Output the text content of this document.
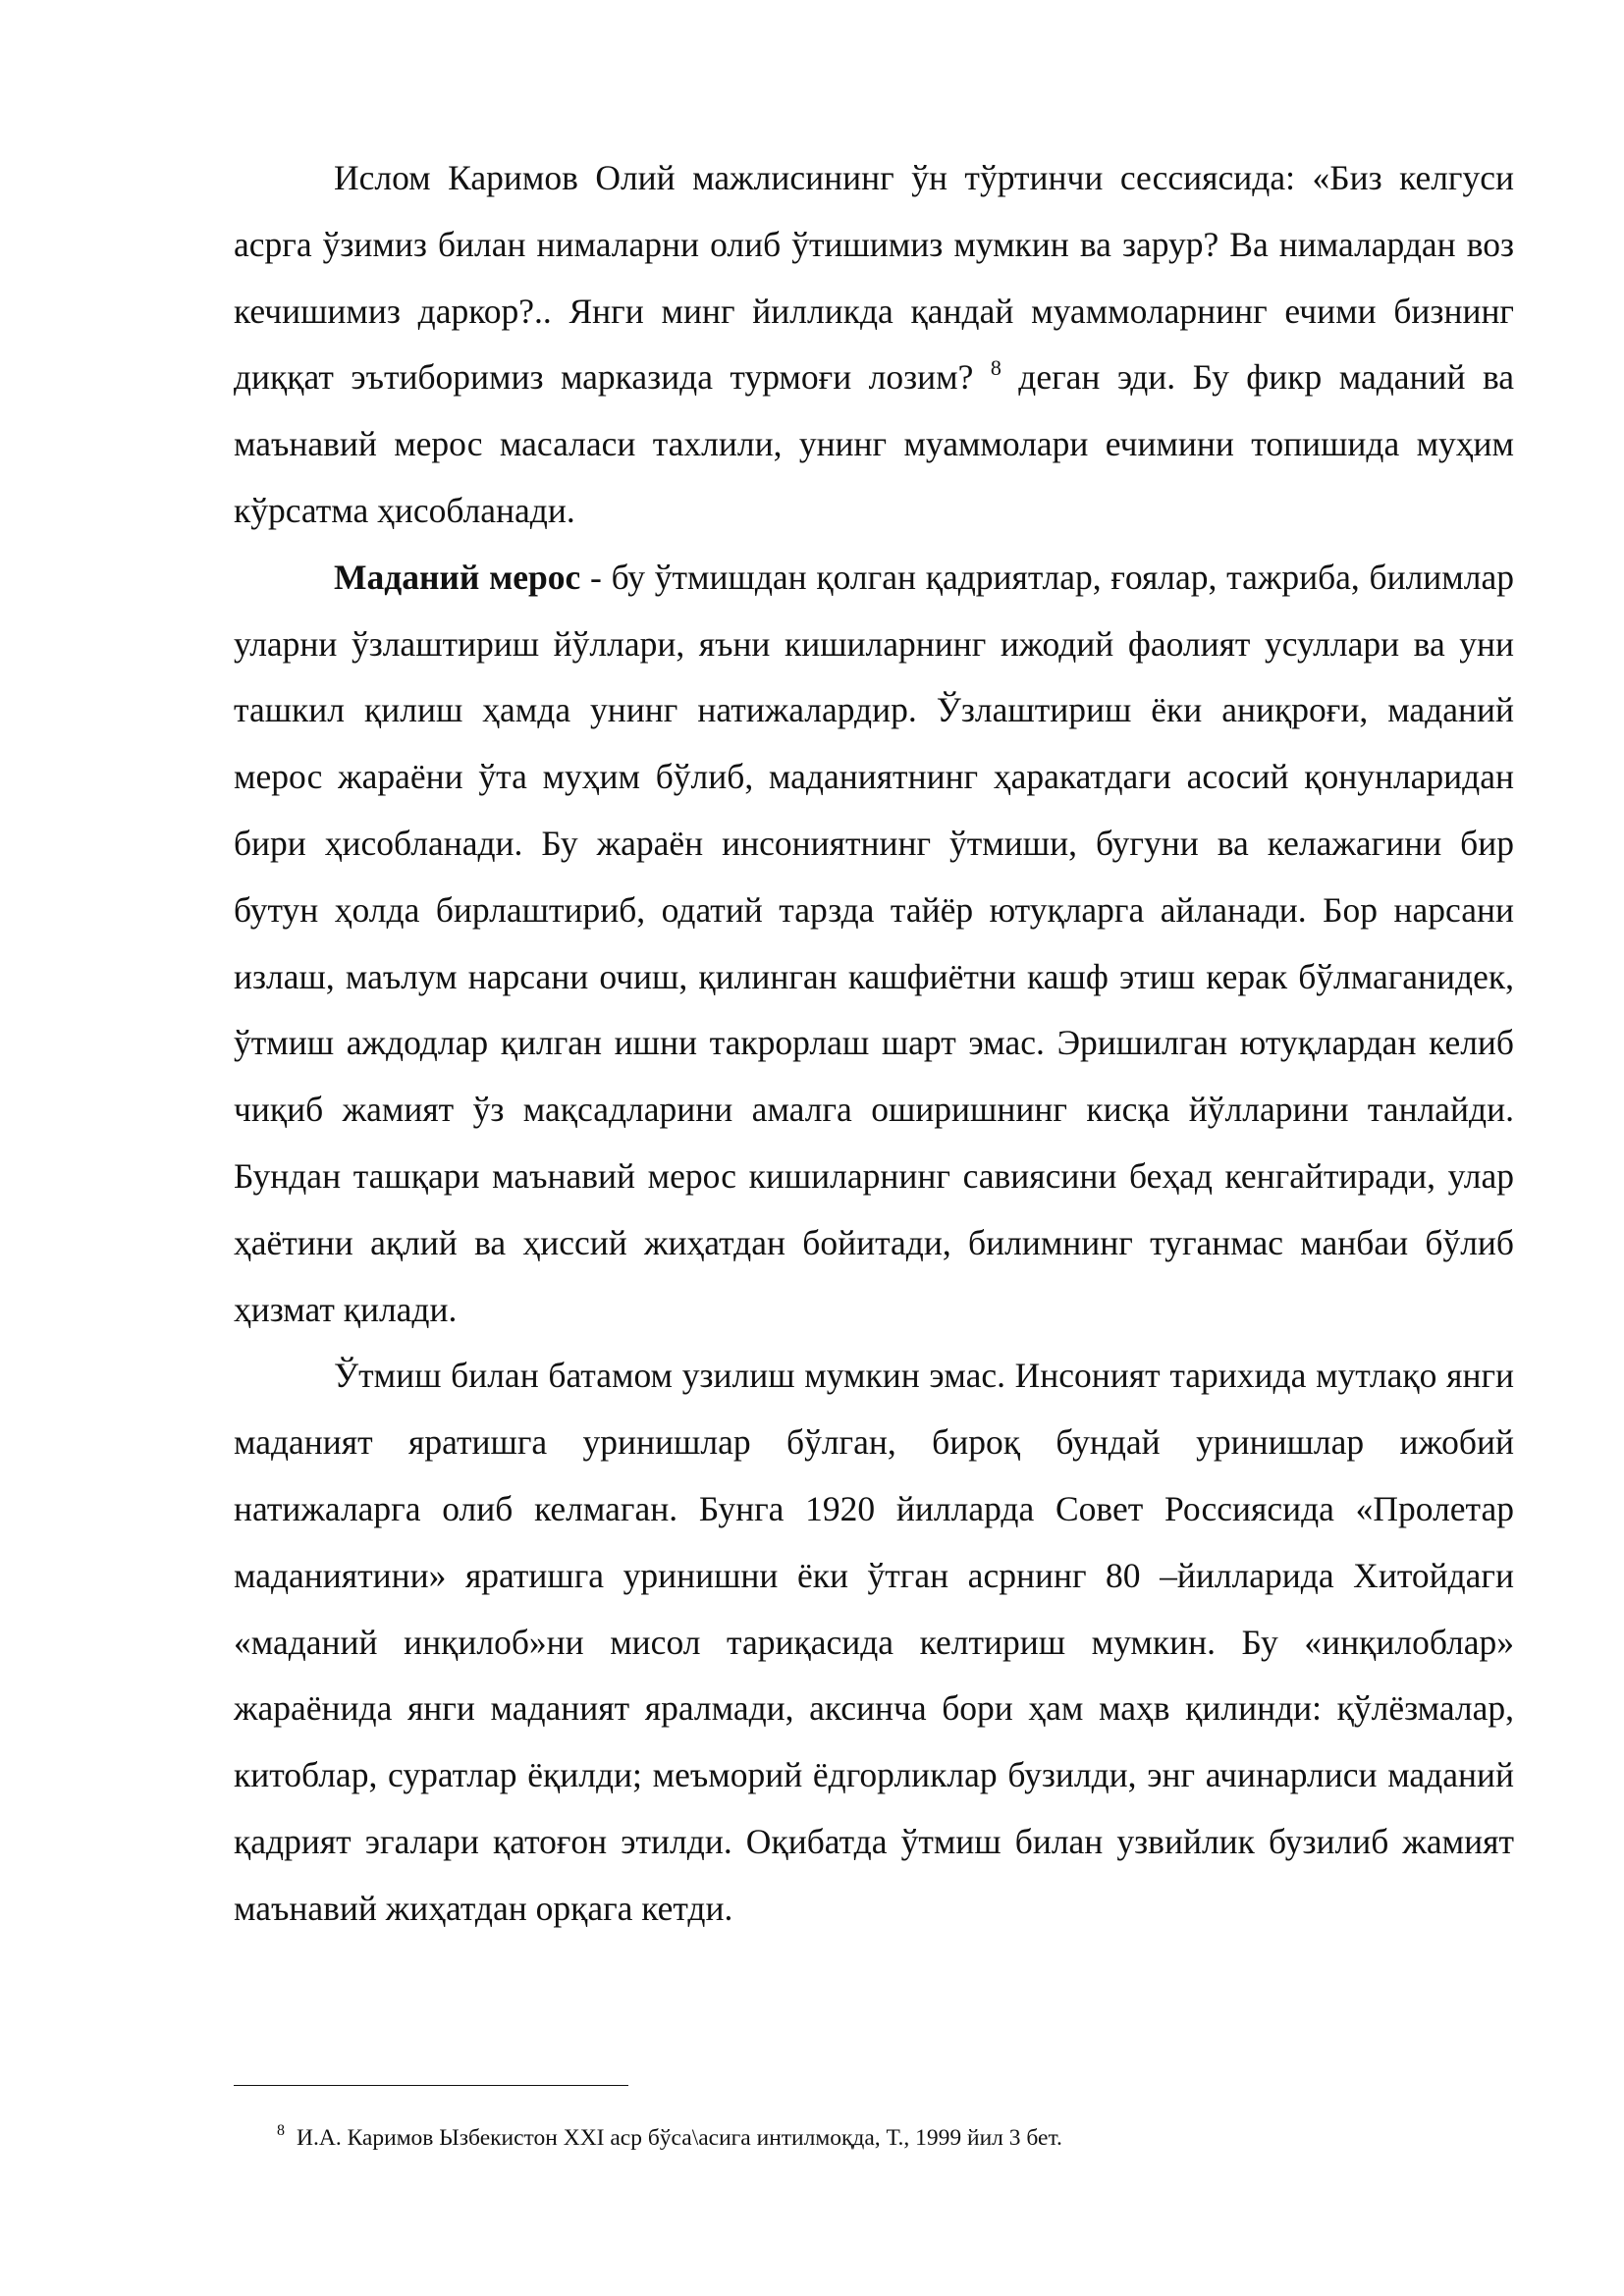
Ислом Каримов Олий мажлисининг ўн тўртинчи сессиясида: «Биз келгуси асрга ўзимиз билан нималарни олиб ўтишимиз мумкин ва зарур? Ва нималардан воз кечишимиз даркор?.. Янги минг йилликда қандай муаммоларнинг ечими бизнинг диққат эътиборимиз марказида турмоғи лозим? $^8$ деган эди. Бу фикр маданий ва маънавий мерос масаласи тахлили, унинг муаммолари ечимини топишида муҳим кўрсатма ҳисобланади.

Маданий мерос - бу ўтмишдан қолган қадриятлар, ғоялар, тажриба, билимлар уларни ўзлаштириш йўллари, яъни кишиларнинг ижодий фаолият усуллари ва уни ташкил қилиш ҳамда унинг натижалардир. Ўзлаштириш ёки аниқроғи, маданий мерос жараёни ўта муҳим бўлиб, маданиятнинг ҳаракатдаги асосий қонунларидан бири ҳисобланади. Бу жараён инсониятнинг ўтмиши, бугуни ва келажагини бир бутун ҳолда бирлаштириб, одатий тарзда тайёр ютуқларга айланади. Бор нарсани излаш, маълум нарсани очиш, қилинган кашфиётни кашф этиш керак бўлмаганидек, ўтмиш аждодлар қилган ишни такрорлаш шарт эмас. Эришилган ютуқлардан келиб чиқиб жамият ўз мақсадларини амалга оширишнинг кисқа йўлларини танлайди. Бундан ташқари маънавий мерос кишиларнинг савиясини беҳад кенгайтиради, улар ҳаётини ақлий ва ҳиссий жиҳатдан бойитади, билимнинг туганмас манбаи бўлиб ҳизмат қилади.

Ўтмиш билан батамом узилиш мумкин эмас. Инсоният тарихида мутлақо янги маданият яратишга уринишлар бўлган, бироқ бундай уринишлар ижобий натижаларга олиб келмаган. Бунга 1920 йилларда Совет Россиясида «Пролетар маданиятини» яратишга уринишни ёки ўтган асрнинг 80 –йилларида Хитойдаги «маданий инқилоб»ни мисол тариқасида келтириш мумкин. Бу «инқилоблар» жараёнида янги маданият яралмади, аксинча бори ҳам маҳв қилинди: қўлёзмалар, китоблар, суратлар ёқилди; меъморий ёдгорликлар бузилди, энг ачинарлиси маданий қадрият эгалари қатоғон этилди. Оқибатда ўтмиш билан узвийлик бузилиб жамият маънавий жиҳатдан орқага кетди.

$^8$ И.А. Каримов Ызбекистон XXI аср бўса\асига интилмоқда, Т., 1999 йил 3 бет.
